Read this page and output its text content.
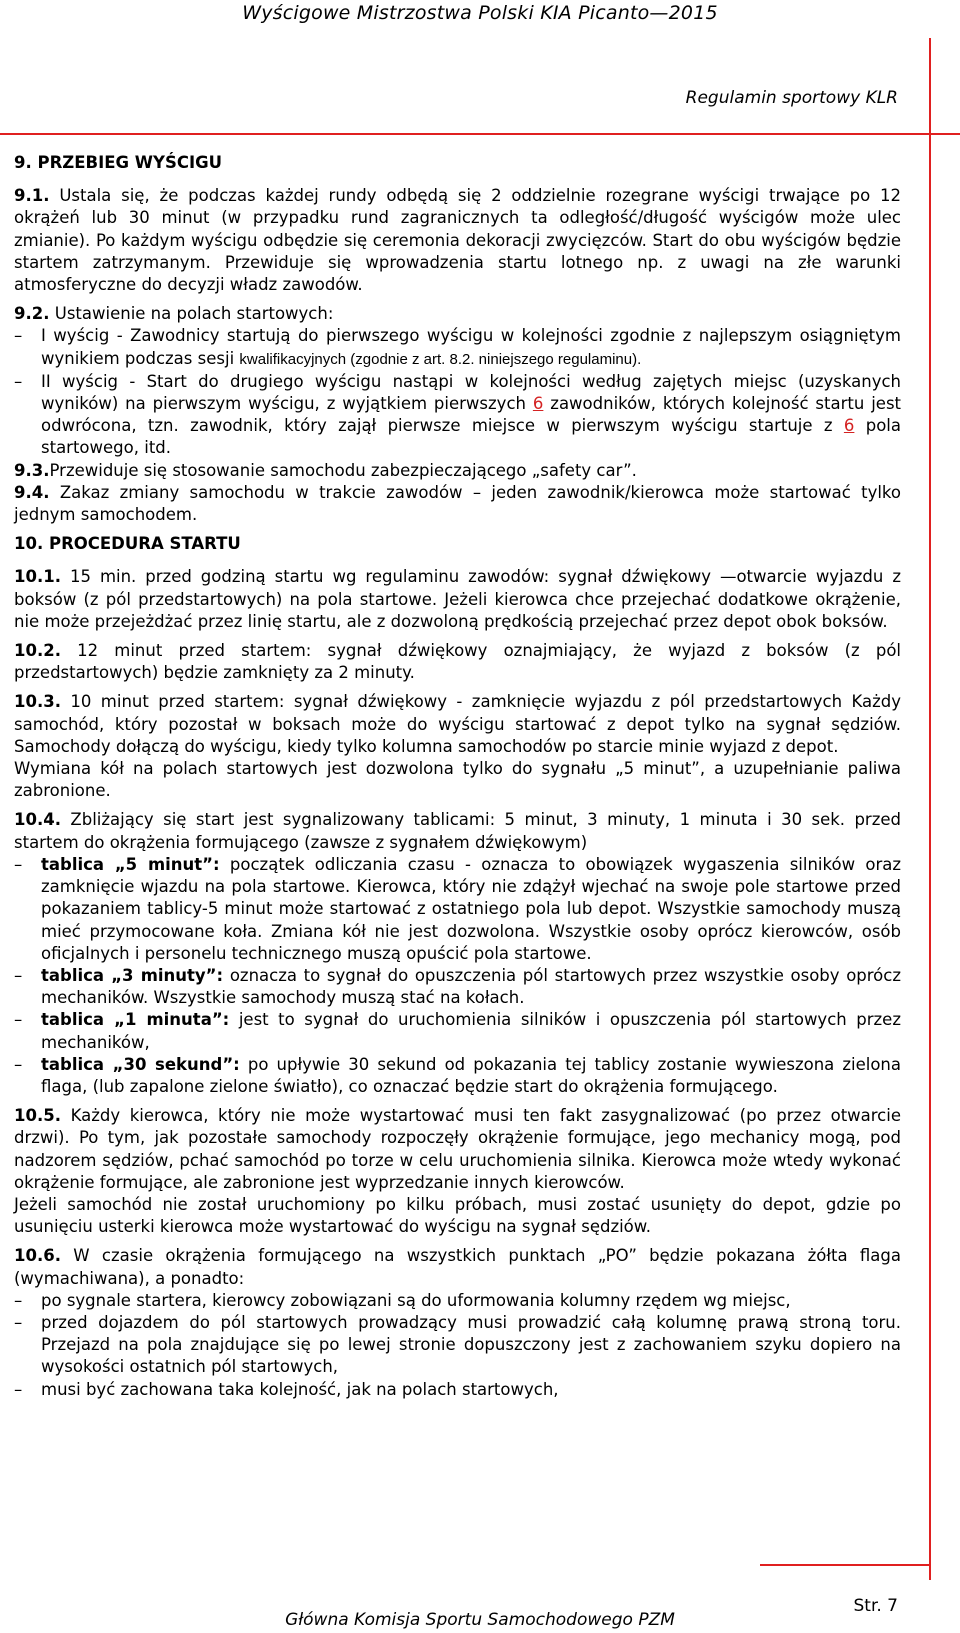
Wyścigowe Mistrzostwa Polski KIA Picanto—2015
Regulamin sportowy KLR
9. PRZEBIEG WYŚCIGU

9.1. Ustala się, że podczas każdej rundy odbędą się 2 oddzielnie rozegrane wyścigi trwające po 12 okrążeń lub 30 minut (w przypadku rund zagranicznych ta odległość/długość wyścigów może ulec zmianie). Po każdym wyścigu odbędzie się ceremonia dekoracji zwycięzców. Start do obu wyścigów będzie startem zatrzymanym. Przewiduje się wprowadzenia startu lotnego np. z uwagi na złe warunki atmosferyczne do decyzji władz zawodów.

9.2. Ustawienie na polach startowych:

– I wyścig - Zawodnicy startują do pierwszego wyścigu w kolejności zgodnie z najlepszym osiągniętym wynikiem podczas sesji kwalifikacyjnych (zgodnie z art. 8.2. niniejszego regulaminu).
– II wyścig - Start do drugiego wyścigu nastąpi w kolejności według zajętych miejsc (uzyskanych wyników) na pierwszym wyścigu, z wyjątkiem pierwszych 6 zawodników, których kolejność startu jest odwrócona, tzn. zawodnik, który zajął pierwsze miejsce w pierwszym wyścigu startuje z 6 pola startowego, itd.

9.3.Przewiduje się stosowanie samochodu zabezpieczającego „safety car”.

9.4. Zakaz zmiany samochodu w trakcie zawodów – jeden zawodnik/kierowca może startować tylko jednym samochodem.

10. PROCEDURA STARTU

10.1. 15 min. przed godziną startu wg regulaminu zawodów: sygnał dźwiękowy —otwarcie wyjazdu z boksów (z pól przedstartowych) na pola startowe. Jeżeli kierowca chce przejechać dodatkowe okrążenie, nie może przejeżdżać przez linię startu, ale z dozwoloną prędkością przejechać przez depot obok boksów.

10.2. 12 minut przed startem: sygnał dźwiękowy oznajmiający, że wyjazd z boksów (z pól przedstartowych) będzie zamknięty za 2 minuty.

10.3. 10 minut przed startem: sygnał dźwiękowy - zamknięcie wyjazdu z pól przedstartowych Każdy samochód, który pozostał w boksach może do wyścigu startować z depot tylko na sygnał sędziów. Samochody dołączą do wyścigu, kiedy tylko kolumna samochodów po starcie minie wyjazd z depot.

Wymiana kół na polach startowych jest dozwolona tylko do sygnału „5 minut”, a uzupełnianie paliwa zabronione.

10.4. Zbliżający się start jest sygnalizowany tablicami: 5 minut, 3 minuty, 1 minuta i 30 sek. przed startem do okrążenia formującego (zawsze z sygnałem dźwiękowym)

– tablica „5 minut”: początek odliczania czasu - oznacza to obowiązek wygaszenia silników oraz zamknięcie wjazdu na pola startowe. Kierowca, który nie zdążył wjechać na swoje pole startowe przed pokazaniem tablicy-5 minut może startować z ostatniego pola lub depot. Wszystkie samochody muszą mieć przymocowane koła. Zmiana kół nie jest dozwolona. Wszystkie osoby oprócz kierowców, osób oficjalnych i personelu technicznego muszą opuścić pola startowe.
– tablica „3 minuty”: oznacza to sygnał do opuszczenia pól startowych przez wszystkie osoby oprócz mechaników. Wszystkie samochody muszą stać na kołach.
– tablica „1 minuta”: jest to sygnał do uruchomienia silników i opuszczenia pól startowych przez mechaników,
– tablica „30 sekund”: po upływie 30 sekund od pokazania tej tablicy zostanie wywieszona zielona flaga, (lub zapalone zielone światło), co oznaczać będzie start do okrążenia formującego.

10.5. Każdy kierowca, który nie może wystartować musi ten fakt zasygnalizować (po przez otwarcie drzwi). Po tym, jak pozostałe samochody rozpoczęły okrążenie formujące, jego mechanicy mogą, pod nadzorem sędziów, pchać samochód po torze w celu uruchomienia silnika. Kierowca może wtedy wykonać okrążenie formujące, ale zabronione jest wyprzedzanie innych kierowców.

Jeżeli samochód nie został uruchomiony po kilku próbach, musi zostać usunięty do depot, gdzie po usunięciu usterki kierowca może wystartować do wyścigu na sygnał sędziów.

10.6. W czasie okrążenia formującego na wszystkich punktach „PO” będzie pokazana żółta flaga (wymachiwana), a ponadto:

– po sygnale startera, kierowcy zobowiązani są do uformowania kolumny rzędem wg miejsc,
– przed dojazdem do pól startowych prowadzący musi prowadzić całą kolumnę prawą stroną toru. Przejazd na pola znajdujące się po lewej stronie dopuszczony jest z zachowaniem szyku dopiero na wysokości ostatnich pól startowych,
– musi być zachowana taka kolejność, jak na polach startowych,
Str. 7
Główna Komisja Sportu Samochodowego PZM
